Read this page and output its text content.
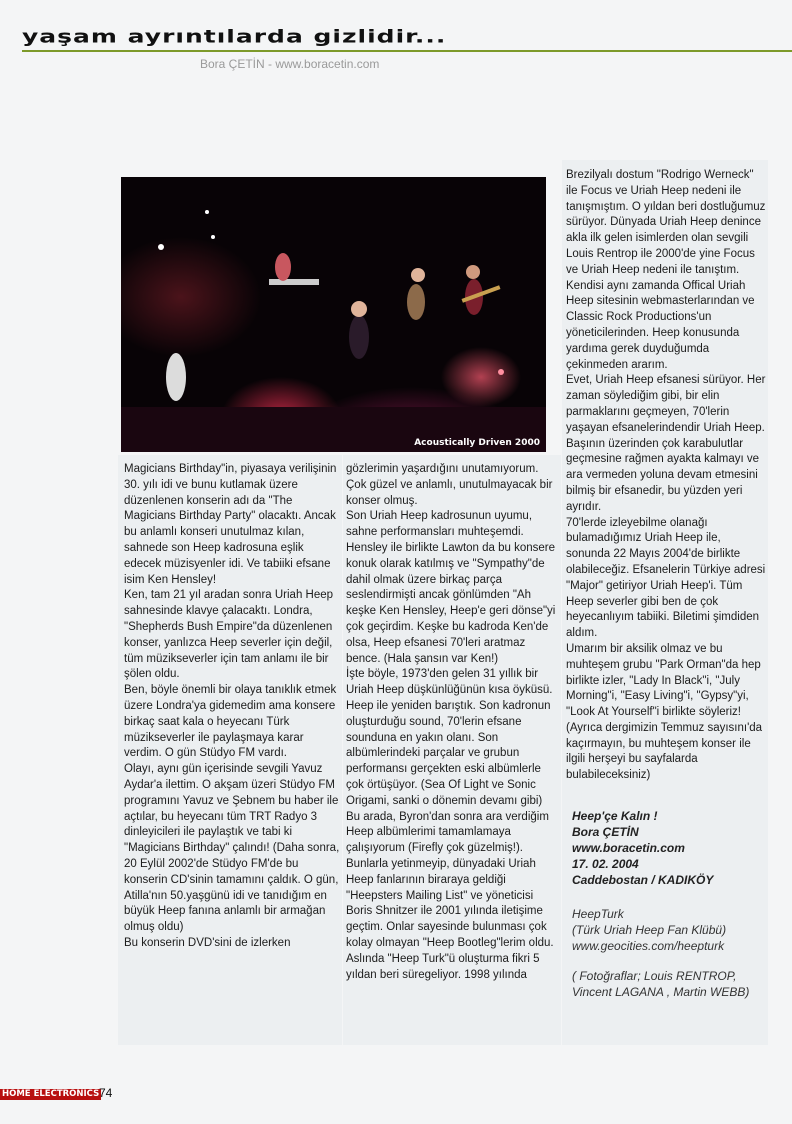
yaşam ayrıntılarda gizlidir...
Bora ÇETİN - www.boracetin.com
Acoustically Driven 2000

Magicians Birthday"in, piyasaya verilişinin 30. yılı idi ve bunu kutlamak üzere düzenlenen konserin adı da "The Magicians Birthday Party" olacaktı. Ancak bu anlamlı konseri unutulmaz kılan, sahnede son Heep kadrosuna eşlik edecek müzisyenler idi. Ve tabiiki efsane isim Ken Hensley!

Ken, tam 21 yıl aradan sonra Uriah Heep sahnesinde klavye çalacaktı. Londra, "Shepherds Bush Empire"da düzenlenen konser, yanlızca Heep severler için değil, tüm müzikseverler için tam anlamı ile bir şölen oldu.

Ben, böyle önemli bir olaya tanıklık etmek üzere Londra'ya gidemedim ama konsere birkaç saat kala o heyecanı Türk müzikseverler ile paylaşmaya karar verdim. O gün Stüdyo FM vardı.

Olayı, aynı gün içerisinde sevgili Yavuz Aydar'a ilettim. O akşam üzeri Stüdyo FM programını Yavuz ve Şebnem bu haber ile açtılar, bu heyecanı tüm TRT Radyo 3 dinleyicileri ile paylaştık ve tabi ki "Magicians Birthday" çalındı! (Daha sonra, 20 Eylül 2002'de Stüdyo FM'de bu konserin CD'sinin tamamını çaldık. O gün, Atilla'nın 50.yaşgünü idi ve tanıdığım en büyük Heep fanına anlamlı bir armağan olmuş oldu)

Bu konserin DVD'sini de izlerken

gözlerimin yaşardığını unutamıyorum. Çok güzel ve anlamlı, unutulmayacak bir konser olmuş.

Son Uriah Heep kadrosunun uyumu, sahne performansları muhteşemdi. Hensley ile birlikte Lawton da bu konsere konuk olarak katılmış ve "Sympathy"de dahil olmak üzere birkaç parça seslendirmişti ancak gönlümden "Ah keşke Ken Hensley, Heep'e geri dönse"yi çok geçirdim. Keşke bu kadroda Ken'de olsa, Heep efsanesi 70'leri aratmaz bence. (Hala şansın var Ken!)

İşte böyle, 1973'den gelen 31 yıllık bir Uriah Heep düşkünlüğünün kısa öyküsü. Heep ile yeniden barıştık. Son kadronun oluşturduğu sound, 70'lerin efsane sounduna en yakın olanı. Son albümlerindeki parçalar ve grubun performansı gerçekten eski albümlerle çok örtüşüyor. (Sea Of Light ve Sonic Origami, sanki o dönemin devamı gibi) Bu arada, Byron'dan sonra ara verdiğim Heep albümlerimi tamamlamaya çalışıyorum (Firefly çok güzelmiş!).

Bunlarla yetinmeyip, dünyadaki Uriah Heep fanlarının biraraya geldiği "Heepsters Mailing List" ve yöneticisi Boris Shnitzer ile 2001 yılında iletişime geçtim. Onlar sayesinde bulunması çok kolay olmayan "Heep Bootleg"lerim oldu.

Aslında "Heep Turk"ü oluşturma fikri 5 yıldan beri süregeliyor. 1998 yılında

Brezilyalı dostum "Rodrigo Werneck" ile Focus ve Uriah Heep nedeni ile tanışmıştım. O yıldan beri dostluğumuz sürüyor. Dünyada Uriah Heep denince akla ilk gelen isimlerden olan sevgili Louis Rentrop ile 2000'de yine Focus ve Uriah Heep nedeni ile tanıştım. Kendisi aynı zamanda Offical Uriah Heep sitesinin webmasterlarından ve Classic Rock Productions'un yöneticilerinden. Heep konusunda yardıma gerek duyduğumda çekinmeden ararım.

Evet, Uriah Heep efsanesi sürüyor. Her zaman söylediğim gibi, bir elin parmaklarını geçmeyen, 70'lerin yaşayan efsanelerindendir Uriah Heep. Başının üzerinden çok karabulutlar geçmesine rağmen ayakta kalmayı ve ara vermeden yoluna devam etmesini bilmiş bir efsanedir, bu yüzden yeri ayrıdır.

70'lerde izleyebilme olanağı bulamadığımız Uriah Heep ile, sonunda 22 Mayıs 2004'de birlikte olabileceğiz. Efsanelerin Türkiye adresi "Major" getiriyor Uriah Heep'i. Tüm Heep severler gibi ben de çok heyecanlıyım tabiiki. Biletimi şimdiden aldım.

Umarım bir aksilik olmaz ve bu muhteşem grubu "Park Orman"da hep birlikte izler, "Lady In Black"i, "July Morning"i, "Easy Living"i, "Gypsy"yi, "Look At Yourself"i birlikte söyleriz! (Ayrıca dergimizin Temmuz sayısını'da kaçırmayın, bu muhteşem konser ile ilgili herşeyi bu sayfalarda bulabileceksiniz)

Heep'çe Kalın !

Bora ÇETİN

www.boracetin.com

17. 02. 2004

Caddebostan / KADIKÖY

HeepTurk

(Türk Uriah Heep Fan Klübü)

www.geocities.com/heepturk

( Fotoğraflar; Louis RENTROP, Vincent LAGANA , Martin WEBB)
HOME ELECTRONICS 74
